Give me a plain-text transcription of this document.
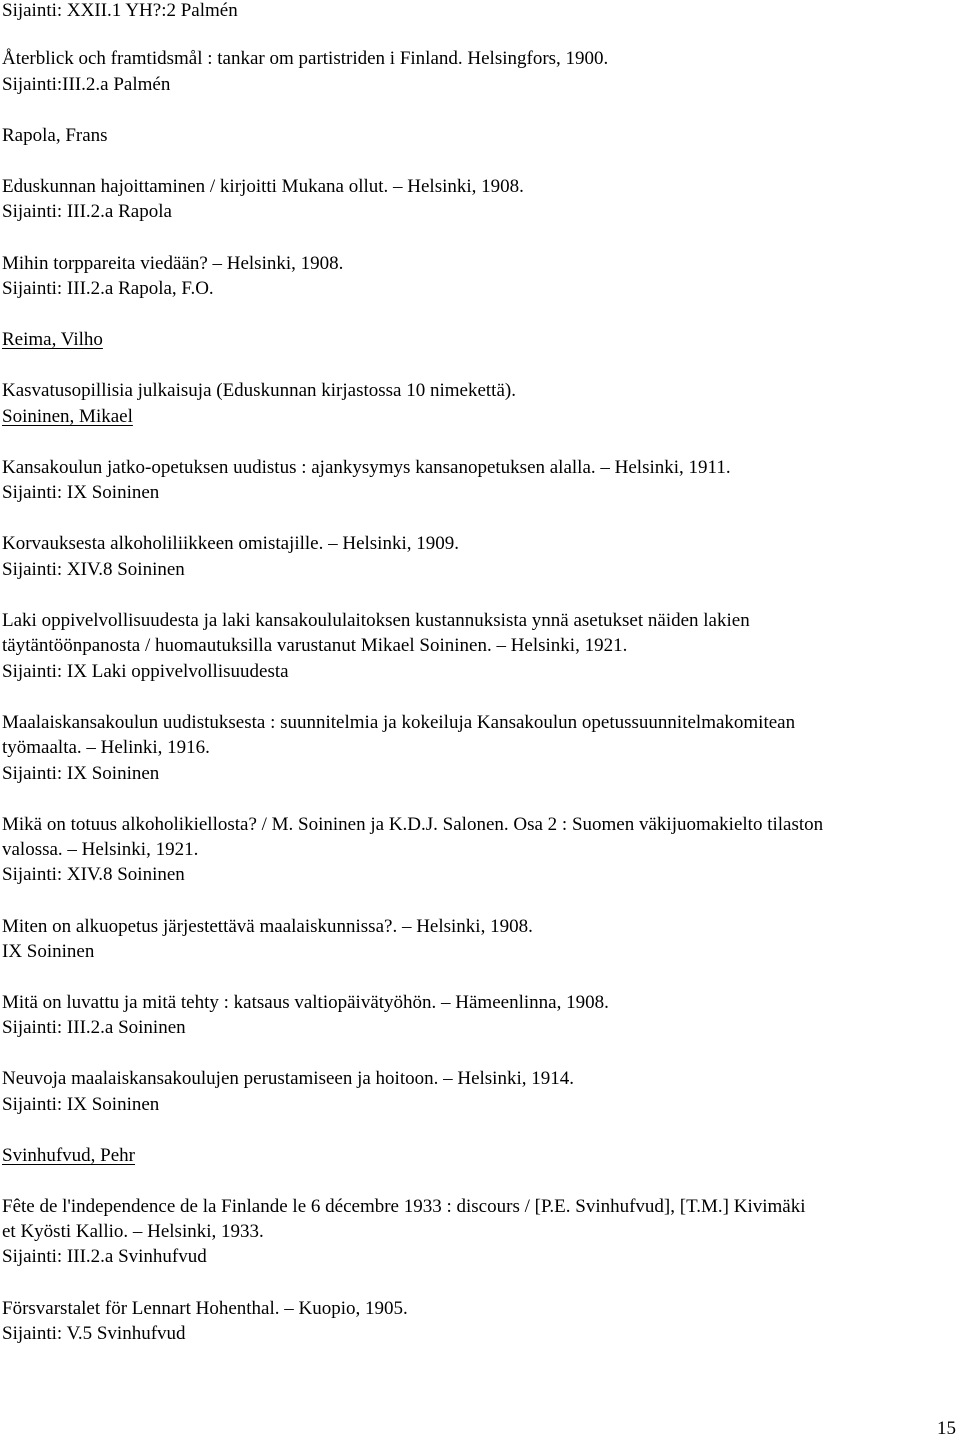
Sijainti: XXII.1 YH?:2 Palmén
Återblick och framtidsmål : tankar om partistriden i Finland. Helsingfors, 1900.
Sijainti:III.2.a Palmén
Rapola, Frans
Eduskunnan hajoittaminen / kirjoitti Mukana ollut. – Helsinki, 1908.
Sijainti: III.2.a Rapola
Mihin torppareita viedään? – Helsinki, 1908.
Sijainti: III.2.a Rapola, F.O.
Reima, Vilho
Kasvatusopillisia julkaisuja (Eduskunnan kirjastossa 10 nimekettä).
Soininen, Mikael
Kansakoulun jatko-opetuksen uudistus : ajankysymys kansanopetuksen alalla. – Helsinki, 1911.
Sijainti: IX Soininen
Korvauksesta alkoholiliikkeen omistajille. – Helsinki, 1909.
Sijainti: XIV.8 Soininen
Laki oppivelvollisuudesta ja laki kansakoululaitoksen kustannuksista ynnä asetukset näiden lakien
täytäntöönpanosta / huomautuksilla varustanut Mikael Soininen. – Helsinki, 1921.
Sijainti: IX Laki oppivelvollisuudesta
Maalaiskansakoulun uudistuksesta : suunnitelmia ja kokeiluja Kansakoulun opetussuunnitelmakomitean
työmaalta. – Helinki, 1916.
Sijainti: IX Soininen
Mikä on totuus alkoholikiellosta? / M. Soininen ja K.D.J. Salonen. Osa 2 : Suomen väkijuomakielto tilaston
valossa. – Helsinki, 1921.
Sijainti: XIV.8 Soininen
Miten on alkuopetus järjestettävä maalaiskunnissa?. – Helsinki, 1908.
IX Soininen
Mitä on luvattu ja mitä tehty : katsaus valtiopäivätyöhön. – Hämeenlinna, 1908.
Sijainti: III.2.a Soininen
Neuvoja maalaiskansakoulujen perustamiseen ja hoitoon. – Helsinki, 1914.
Sijainti: IX Soininen
Svinhufvud, Pehr
Fête de l'independence de la Finlande le 6 décembre 1933 : discours / [P.E. Svinhufvud], [T.M.] Kivimäki
et Kyösti Kallio. – Helsinki, 1933.
Sijainti: III.2.a Svinhufvud
Försvarstalet för Lennart Hohenthal. – Kuopio, 1905.
Sijainti: V.5 Svinhufvud
15
